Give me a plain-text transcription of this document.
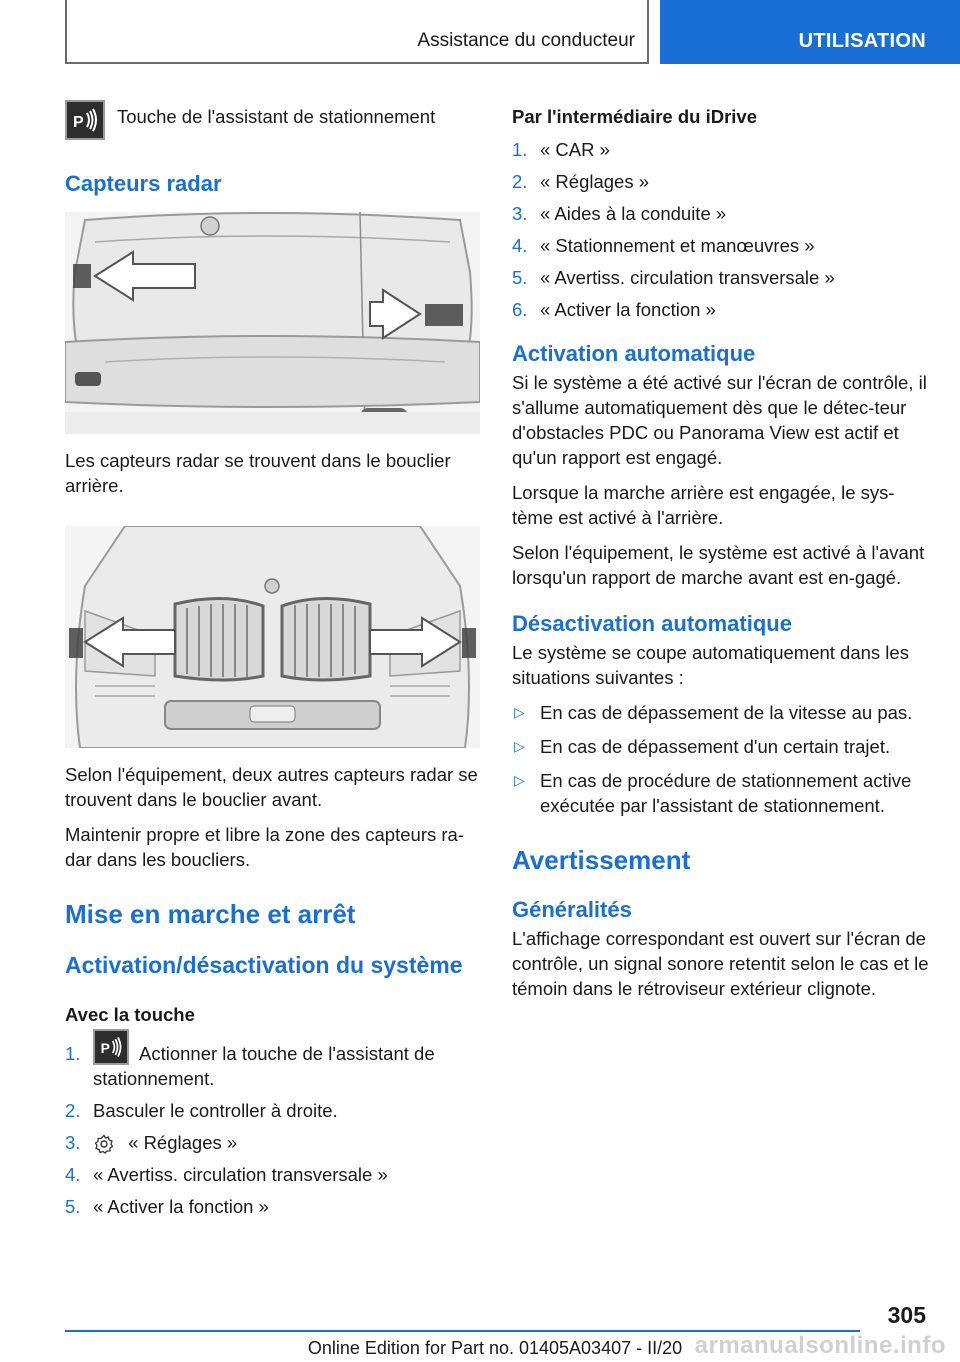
Assistance du conducteur	UTILISATION
P Touche de l'assistant de stationnement
Capteurs radar

Les capteurs radar se trouvent dans le bouclier arrière.

Selon l'équipement, deux autres capteurs radar se trouvent dans le bouclier avant.

Maintenir propre et libre la zone des capteurs ra-dar dans les boucliers.

Mise en marche et arrêt
Activation/désactivation du système

Avec la touche

1. P Actionner la touche de l'assistant de stationnement.
2. Basculer le controller à droite.
3.	« Réglages »
4. « Avertiss. circulation transversale »
5. « Activer la fonction »

Par l'intermédiaire du iDrive

1. « CAR »
2. « Réglages »
3. « Aides à la conduite »
4. « Stationnement et manœuvres »
5. « Avertiss. circulation transversale »
6. « Activer la fonction »
Activation automatique

Si le système a été activé sur l'écran de contrôle, il s'allume automatiquement dès que le détec-teur d'obstacles PDC ou Panorama View est actif et qu'un rapport est engagé.

Lorsque la marche arrière est engagée, le sys-tème est activé à l'arrière.

Selon l'équipement, le système est activé à l'avant lorsqu'un rapport de marche avant est en-gagé.

Désactivation automatique

Le système se coupe automatiquement dans les situations suivantes :

▷ En cas de dépassement de la vitesse au pas.
▷ En cas de dépassement d'un certain trajet.
▷ En cas de procédure de stationnement active exécutée par l'assistant de stationnement.
Avertissement
Généralités

L'affichage correspondant est ouvert sur l'écran de contrôle, un signal sonore retentit selon le cas et le témoin dans le rétroviseur extérieur clignote.

305
Online Edition for Part no. 01405A03407 - II/20 armanualsonline.info
